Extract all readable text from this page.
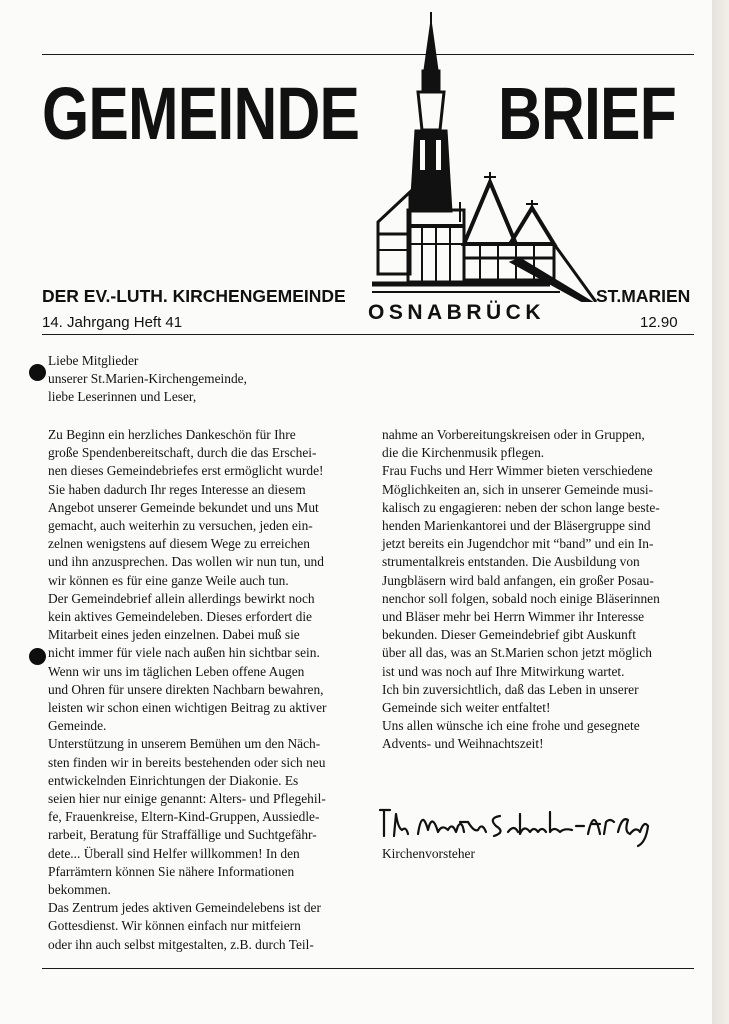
GEMEINDE BRIEF
DER EV.-LUTH. KIRCHENGEMEINDE	ST.MARIEN
OSNABRÜCK
14. Jahrgang Heft 41	12.90

Liebe Mitglieder

unserer St.Marien-Kirchengemeinde,

liebe Leserinnen und Leser,

Zu Beginn ein herzliches Dankeschön für Ihre

große Spendenbereitschaft, durch die das Erschei-

nen dieses Gemeindebriefes erst ermöglicht wurde!

Sie haben dadurch Ihr reges Interesse an diesem

Angebot unserer Gemeinde bekundet und uns Mut

gemacht, auch weiterhin zu versuchen, jeden ein-

zelnen wenigstens auf diesem Wege zu erreichen

und ihn anzusprechen. Das wollen wir nun tun, und

wir können es für eine ganze Weile auch tun.

Der Gemeindebrief allein allerdings bewirkt noch

kein aktives Gemeindeleben. Dieses erfordert die

Mitarbeit eines jeden einzelnen. Dabei muß sie

nicht immer für viele nach außen hin sichtbar sein.

Wenn wir uns im täglichen Leben offene Augen

und Ohren für unsere direkten Nachbarn bewahren,

leisten wir schon einen wichtigen Beitrag zu aktiver

Gemeinde.

Unterstützung in unserem Bemühen um den Näch-

sten finden wir in bereits bestehenden oder sich neu

entwickelnden Einrichtungen der Diakonie. Es

seien hier nur einige genannt: Alters- und Pflegehil-

fe, Frauenkreise, Eltern-Kind-Gruppen, Aussiedle-

rarbeit, Beratung für Straffällige und Suchtgefähr-

dete... Überall sind Helfer willkommen! In den

Pfarrämtern können Sie nähere Informationen

bekommen.

Das Zentrum jedes aktiven Gemeindelebens ist der

Gottesdienst. Wir können einfach nur mitfeiern

oder ihn auch selbst mitgestalten, z.B. durch Teil-

nahme an Vorbereitungskreisen oder in Gruppen,

die die Kirchenmusik pflegen.

Frau Fuchs und Herr Wimmer bieten verschiedene

Möglichkeiten an, sich in unserer Gemeinde musi-

kalisch zu engagieren: neben der schon lange beste-

henden Marienkantorei und der Bläsergruppe sind

jetzt bereits ein Jugendchor mit “band” und ein In-

strumentalkreis entstanden. Die Ausbildung von

Jungbläsern wird bald anfangen, ein großer Posau-

nenchor soll folgen, sobald noch einige Bläserinnen

und Bläser mehr bei Herrn Wimmer ihr Interesse

bekunden. Dieser Gemeindebrief gibt Auskunft

über all das, was an St.Marien schon jetzt möglich

ist und was noch auf Ihre Mitwirkung wartet.

Ich bin zuversichtlich, daß das Leben in unserer

Gemeinde sich weiter entfaltet!

Uns allen wünsche ich eine frohe und gesegnete

Advents- und Weihnachtszeit!

Kirchenvorsteher
